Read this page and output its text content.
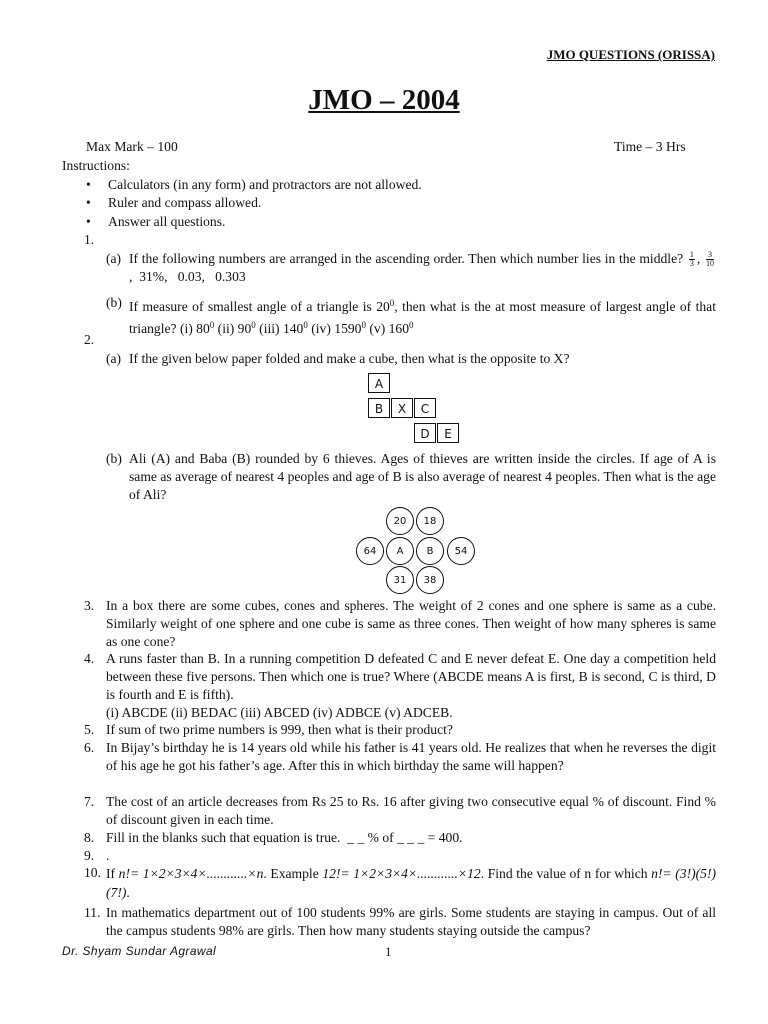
JMO QUESTIONS (ORISSA)
JMO – 2004
Max Mark – 100	Time – 3 Hrs
Instructions:
Calculators (in any form) and protractors are not allowed.
Ruler and compass allowed.
Answer all questions.
1.
(a) If the following numbers are arranged in the ascending order. Then which number lies in the middle? $\frac{1}{3}$ , $\frac{3}{10}$
,  31%,   0.03,   0.303
(b) If measure of smallest angle of a triangle is $20^0$, then what is the at most measure of largest angle of that triangle? (i) $80^0$ (ii) $90^0$ (iii) $140^0$ (iv) 1590$^0$ (v) $160^0$
2.
(a) If the given below paper folded and make a cube, then what is the opposite to X?
A
B	X	C
D	E
(b) Ali (A) and Baba (B) rounded by 6 thieves. Ages of thieves are written inside the circles. If age of A is same as average of nearest 4 peoples and age of B is also average of nearest 4 peoples. Then what is the age of Ali?
20	18
64	A	B	54
31	38
3. In a box there are some cubes, cones and spheres. The weight of 2 cones and one sphere is same as a cube. Similarly weight of one sphere and one cube is same as three cones. Then weight of how many spheres is same as one cone?
4. A runs faster than B. In a running competition D defeated C and E never defeat E. One day a competition held between these five persons. Then which one is true? Where (ABCDE means A is first, B is second, C is third, D is fourth and E is fifth).
(i) ABCDE (ii) BEDAC (iii) ABCED (iv) ADBCE (v) ADCEB.
5. If sum of two prime numbers is 999, then what is their product?
6. In Bijay’s birthday he is 14 years old while his father is 41 years old. He realizes that when he reverses the digit of his age he got his father’s age. After this in which birthday the same will happen?
7. The cost of an article decreases from Rs 25 to Rs. 16 after giving two consecutive equal % of discount. Find % of discount given in each time.
8. Fill in the blanks such that equation is true.  _ _ % of _ _ _ = 400.
9. .
10. If n!= 1×2×3×4×............×n. Example 12!= 1×2×3×4×............×12. Find the value of n for which n!= (3!)(5!)(7!).
11. In mathematics department out of 100 students 99% are girls. Some students are staying in campus. Out of all the campus students 98% are girls. Then how many students staying outside the campus?
Dr. Shyam Sundar Agrawal	1
